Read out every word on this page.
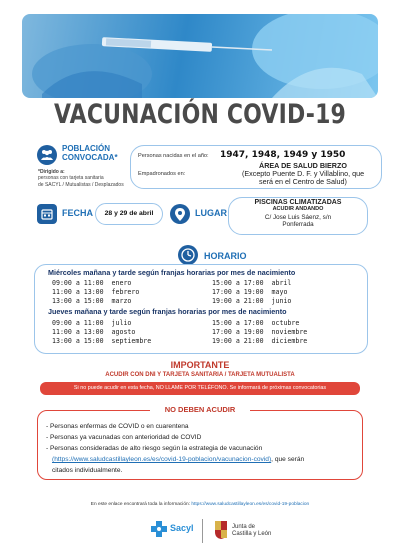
VACUNACIÓN COVID-19
POBLACIÓN
CONVOCADA*
*Dirigido a:
personas con tarjeta sanitaria
de SACYL / Mutualistas / Desplazados
Personas nacidas en el año: 1947, 1948, 1949 y 1950
Empadronados en:
ÁREA DE SALUD BIERZO
(Excepto Puente D. F. y Villablino, que
será en el Centro de Salud)
FECHA	28 y 29 de abril	LUGAR
PISCINAS CLIMATIZADAS
ACUDIR ANDANDO
C/ Jose Luis Sáenz, s/n
Ponferrada
HORARIO
Miércoles mañana y tarde según franjas horarias por mes de nacimiento
09:00 a 11:00  enero
11:00 a 13:00  febrero
13:00 a 15:00  marzo
15:00 a 17:00  abril
17:00 a 19:00  mayo
19:00 a 21:00  junio
Jueves mañana y tarde según franjas horarias por mes de nacimiento
09:00 a 11:00  julio
11:00 a 13:00  agosto
13:00 a 15:00  septiembre
15:00 a 17:00  octubre
17:00 a 19:00  noviembre
19:00 a 21:00  diciembre
IMPORTANTE
ACUDIR CON DNI Y TARJETA SANITARIA / TARJETA MUTUALISTA
Si no puede acudir en esta fecha, NO LLAME POR TELÉFONO. Se informará de próximas convocatorias
NO DEBEN ACUDIR
- Personas enfermas de COVID o en cuarentena
- Personas ya vacunadas con anterioridad de COVID
- Personas consideradas de alto riesgo según la estrategia de vacunación
(https://www.saludcastillayleon.es/es/covid-19-poblacion/vacunacion-covid), que serán
citados individualmente.
En este enlace encontrará toda la información: https://www.saludcastillayleon.es/es/covid-19-poblacion
Sacyl	Junta de
Castilla y León
